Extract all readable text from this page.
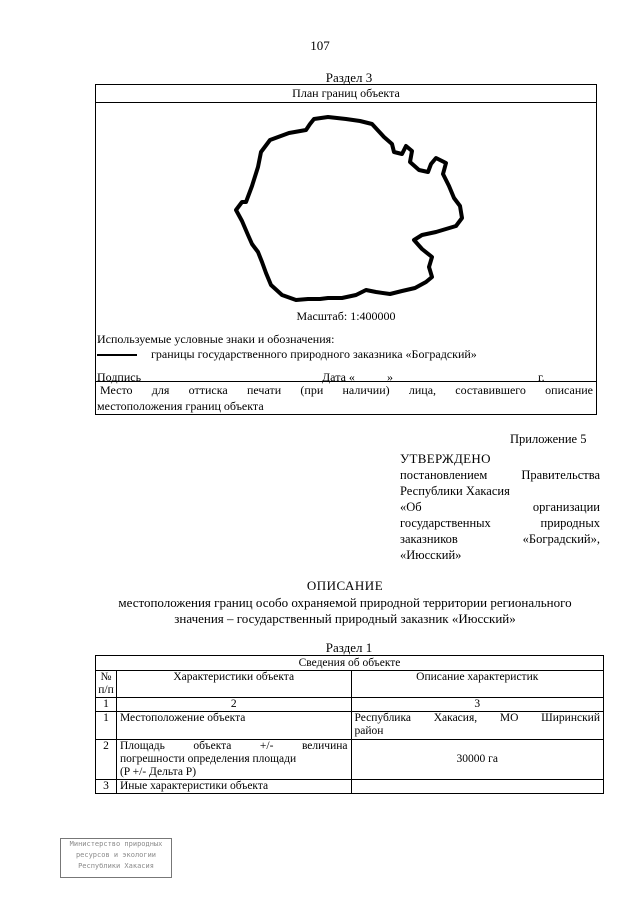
107
Раздел 3
План границ объекта
Масштаб: 1:400000
Используемые условные знаки и обозначения:
границы государственного природного заказника «Боградский»
Подпись	Дата «	»	г.
Место для оттиска печати (при наличии) лица, составившего описание
местоположения границ объекта
Приложение 5
УТВЕРЖДЕНО
постановлением Правительства
Республики Хакасия
«Об организации
государственных природных
заказников «Боградский»,
«Июсский»
ОПИСАНИЕ
местоположения границ особо охраняемой природной территории регионального
значения – государственный природный заказник «Июсский»
Раздел 1
Сведения об объекте		

№
п/п	Характеристики объекта	Описание характеристик
1	2	3
1	Местоположение объекта	Республика Хакасия, МО Ширинский
район

2	Площадь объекта +/- величина
погрешности определения площади
(P +/- Дельта P)	30000 га
3	Иные характеристики объекта	
Министерство природных
ресурсов и экологии
Республики Хакасия
